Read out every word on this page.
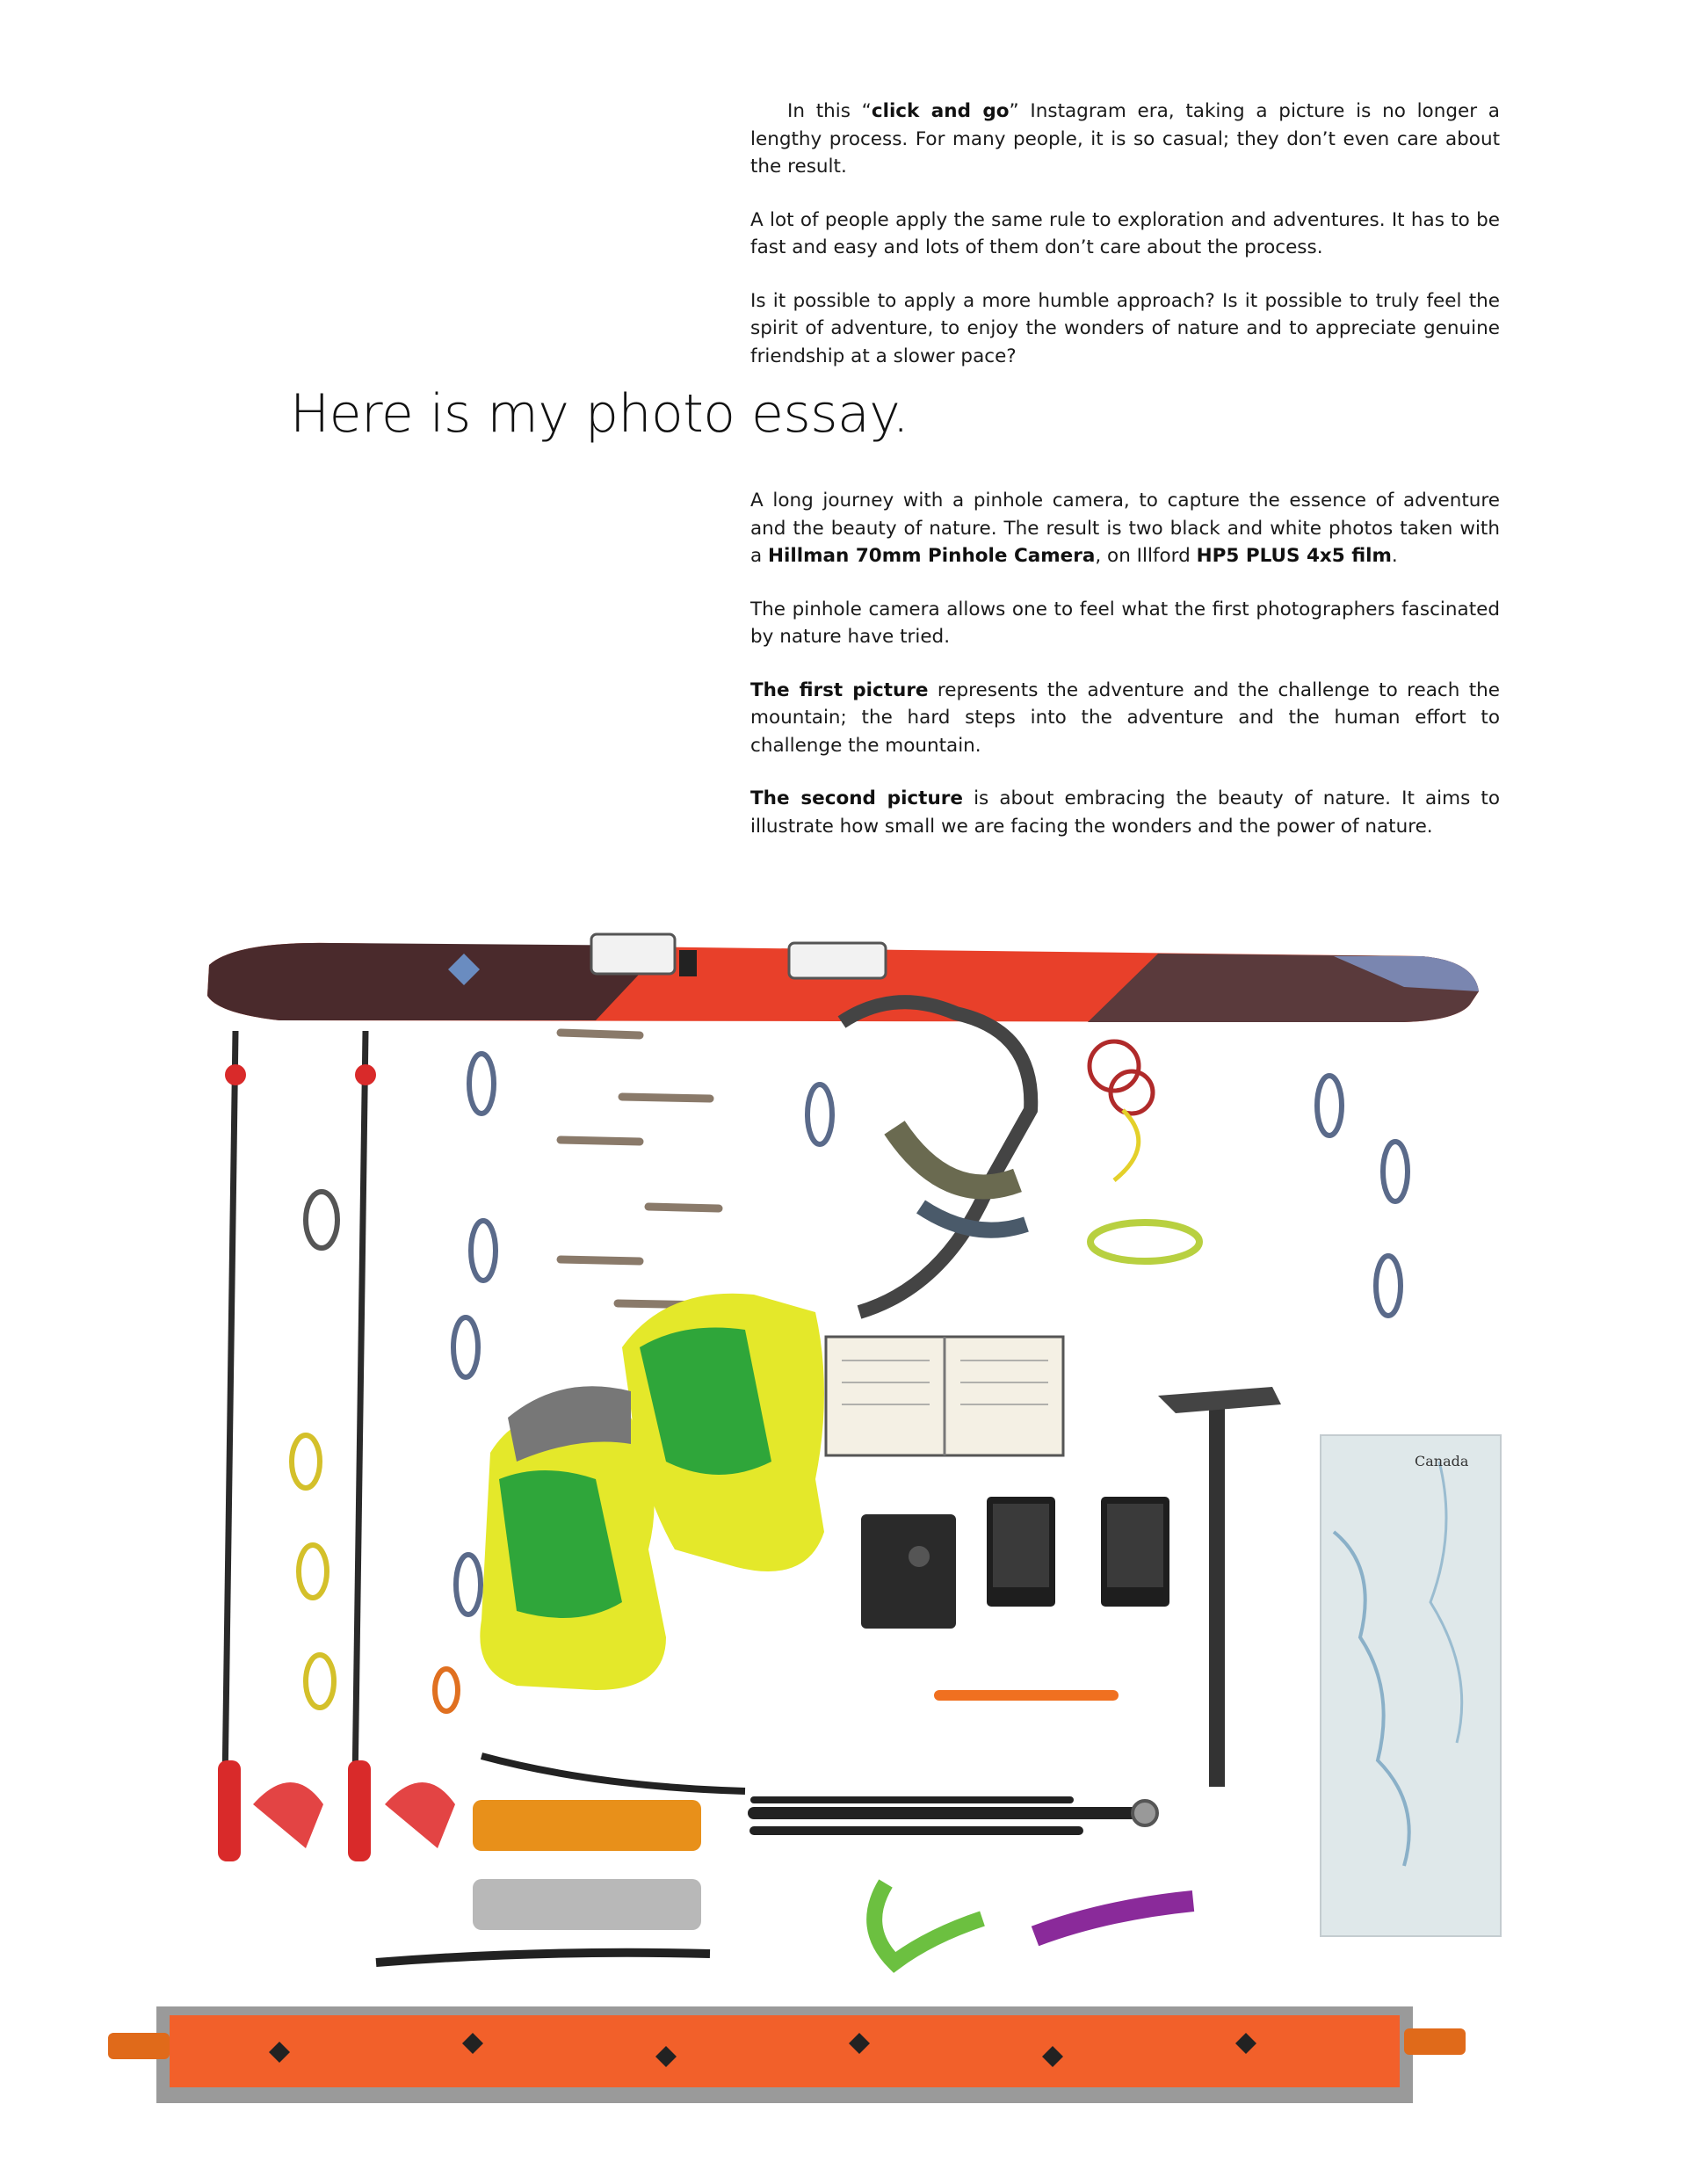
In this “click and go” Instagram era, taking a picture is no longer a lengthy process. For many people, it is so casual; they don’t even care about the result.

A lot of people apply the same rule to exploration and adventures. It has to be fast and easy and lots of them don’t care about the process.

Is it possible to apply a more humble approach? Is it possible to truly feel the spirit of adventure, to enjoy the wonders of nature and to appreciate genuine friendship at a slower pace?

Here is my photo essay.

A long journey with a pinhole camera, to capture the essence of adventure and the beauty of nature. The result is two black and white photos taken with a Hillman 70mm Pinhole Camera, on Illford HP5 PLUS 4x5 film.

The pinhole camera allows one to feel what the first photographers fascinated by nature have tried.

The first picture represents the adventure and the challenge to reach the mountain; the hard steps into the adventure and the human effort to challenge the mountain.

The second picture is about embracing the beauty of nature. It aims to illustrate how small we are facing the wonders and the power of nature.

Canada
